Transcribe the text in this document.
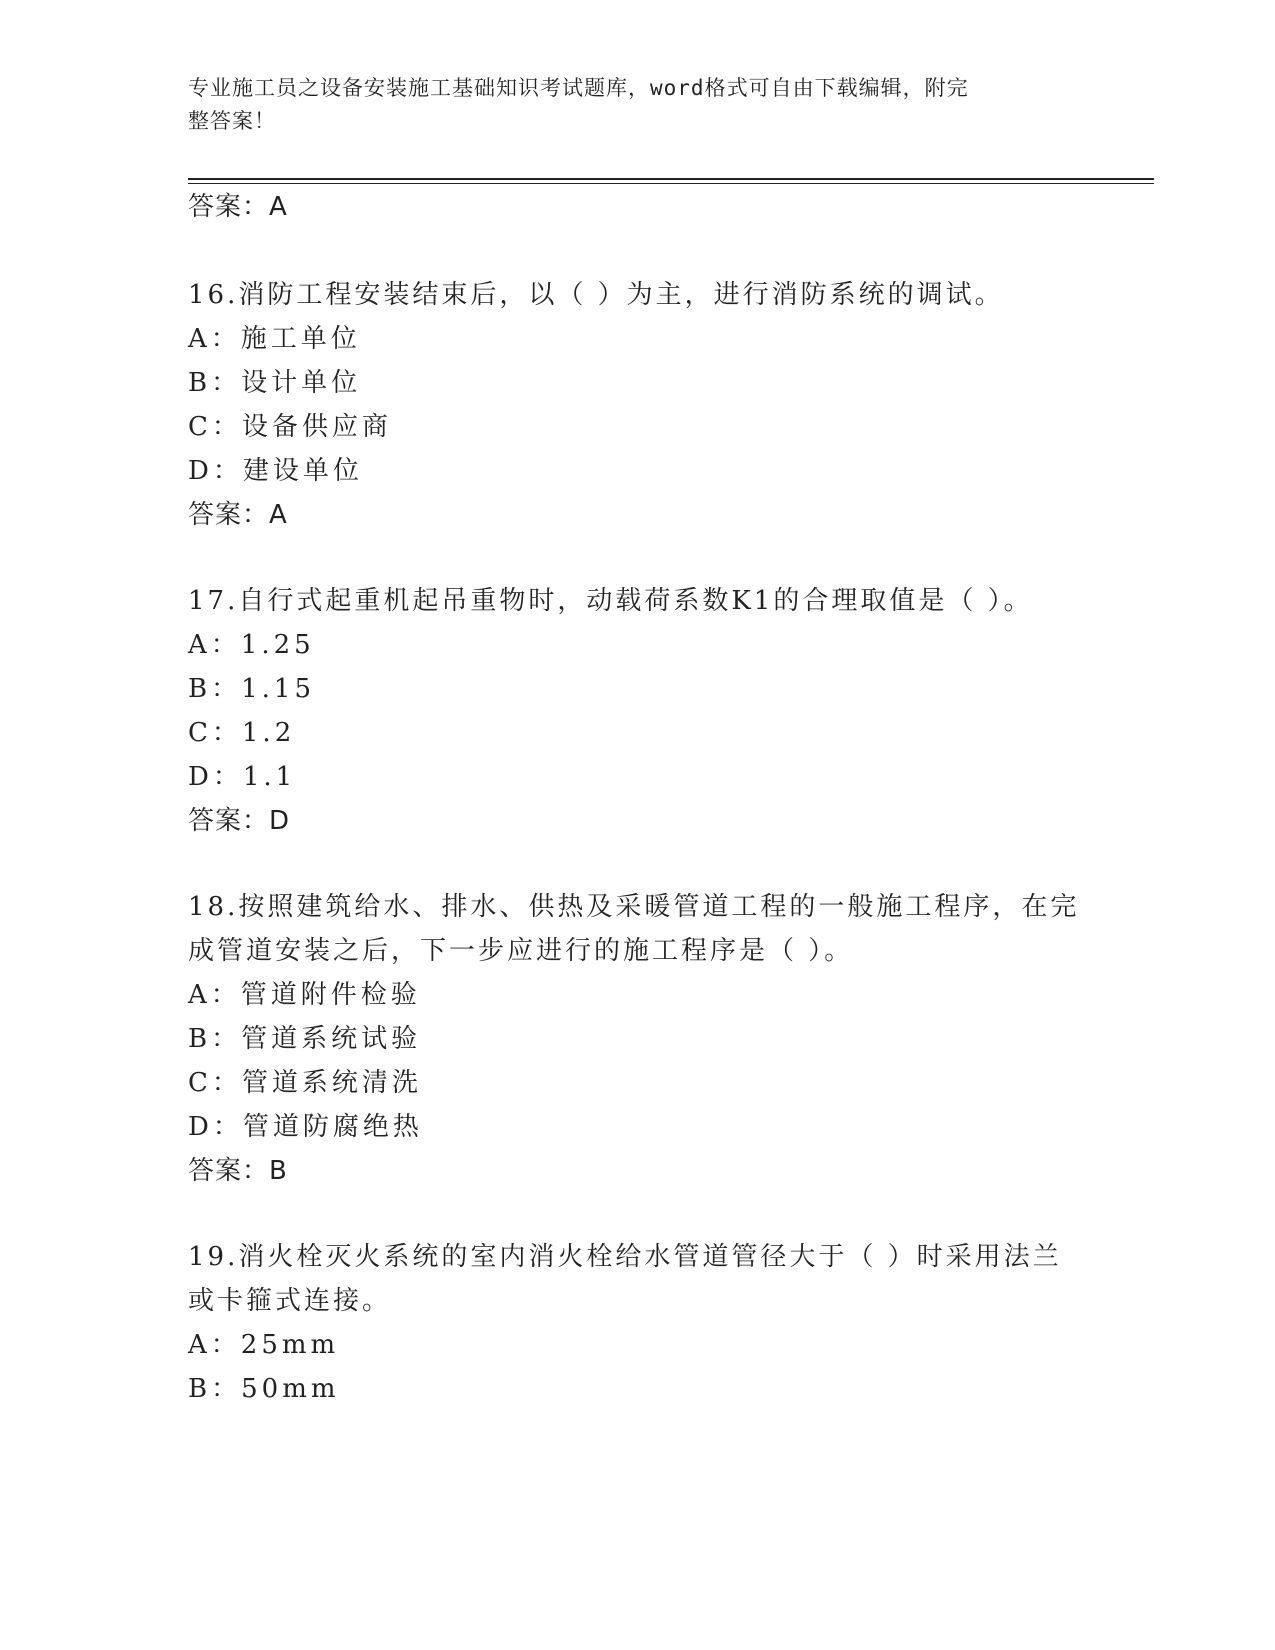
专业施工员之设备安装施工基础知识考试题库，word格式可自由下载编辑，附完
整答案！
答案：A
16.消防工程安装结束后，以（ ）为主，进行消防系统的调试。
A：施工单位
B：设计单位
C：设备供应商
D：建设单位
答案：A
17.自行式起重机起吊重物时，动载荷系数K1的合理取值是（ ）。
A：1.25
B：1.15
C：1.2
D：1.1
答案：D
18.按照建筑给水、排水、供热及采暖管道工程的一般施工程序，在完
成管道安装之后，下一步应进行的施工程序是（ ）。
A：管道附件检验
B：管道系统试验
C：管道系统清洗
D：管道防腐绝热
答案：B
19.消火栓灭火系统的室内消火栓给水管道管径大于（ ）时采用法兰
或卡箍式连接。
A：25mm
B：50mm
